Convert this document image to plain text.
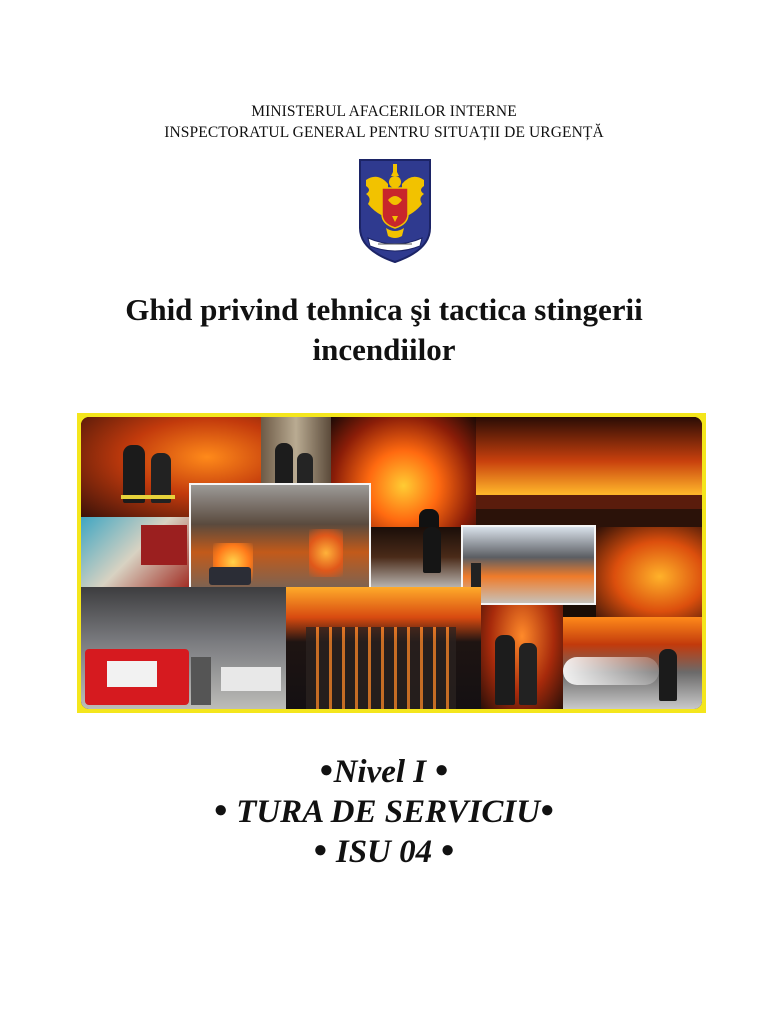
MINISTERUL AFACERILOR INTERNE
INSPECTORATUL GENERAL PENTRU SITUAȚII DE URGENȚĂ
Ghid privind tehnica şi tactica stingerii
incendiilor
●Nivel I ●
● TURA DE SERVICIU●
● ISU 04 ●
